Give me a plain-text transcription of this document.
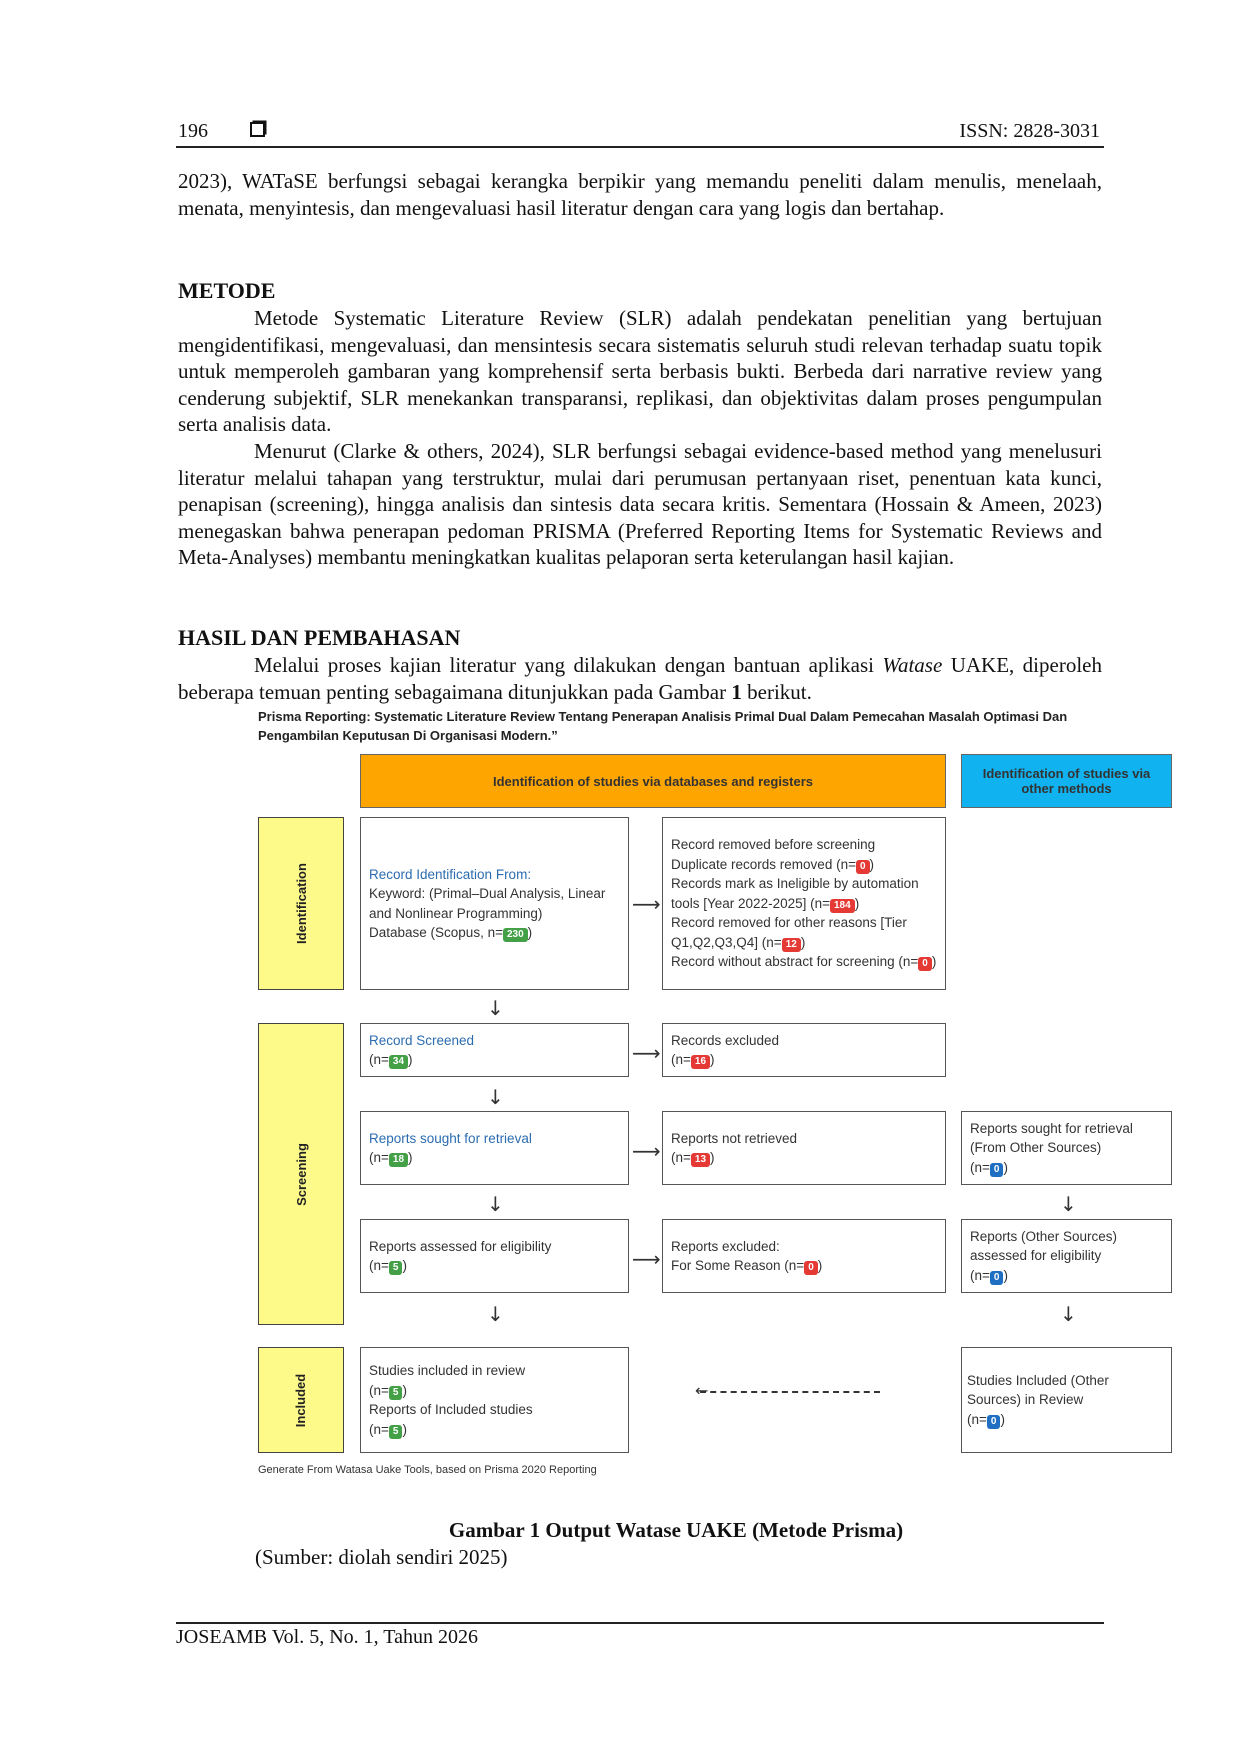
196	ISSN: 2828-3031
2023), WATaSE berfungsi sebagai kerangka berpikir yang memandu peneliti dalam menulis, menelaah, menata, menyintesis, dan mengevaluasi hasil literatur dengan cara yang logis dan bertahap.
METODE

Metode Systematic Literature Review (SLR) adalah pendekatan penelitian yang bertujuan mengidentifikasi, mengevaluasi, dan mensintesis secara sistematis seluruh studi relevan terhadap suatu topik untuk memperoleh gambaran yang komprehensif serta berbasis bukti. Berbeda dari narrative review yang cenderung subjektif, SLR menekankan transparansi, replikasi, dan objektivitas dalam proses pengumpulan serta analisis data.

Menurut (Clarke & others, 2024), SLR berfungsi sebagai evidence-based method yang menelusuri literatur melalui tahapan yang terstruktur, mulai dari perumusan pertanyaan riset, penentuan kata kunci, penapisan (screening), hingga analisis dan sintesis data secara kritis. Sementara (Hossain & Ameen, 2023) menegaskan bahwa penerapan pedoman PRISMA (Preferred Reporting Items for Systematic Reviews and Meta-Analyses) membantu meningkatkan kualitas pelaporan serta keterulangan hasil kajian.

HASIL DAN PEMBAHASAN

Melalui proses kajian literatur yang dilakukan dengan bantuan aplikasi Watase UAKE, diperoleh beberapa temuan penting sebagaimana ditunjukkan pada Gambar 1 berikut.

Prisma Reporting: Systematic Literature Review Tentang Penerapan Analisis Primal Dual Dalam Pemecahan Masalah Optimasi Dan Pengambilan Keputusan Di Organisasi Modern.”
Identification of studies via databases and registers	Identification of studies via other methods
Identification
Screening
Included
Record Identification From:
Keyword: (Primal–Dual Analysis, Linear and Nonlinear Programming)
Database (Scopus, n= 230 )
⟶
Record removed before screening
Duplicate records removed (n= 0 )
Records mark as Ineligible by automation tools [Year 2022-2025] (n= 184 )
Record removed for other reasons [Tier Q1,Q2,Q3,Q4] (n= 12 )
Record without abstract for screening (n= 0 )
↓
Record Screened
(n= 34 )	⟶
Records excluded
(n= 16 )
↓
Reports sought for retrieval
(n= 18 )	⟶
Reports not retrieved
(n= 13 )
Reports sought for retrieval (From Other Sources)
(n= 0 )
↓	↓
Reports assessed for eligibility
(n= 5 )	⟶
Reports excluded:
For Some Reason (n= 0 )
Reports (Other Sources) assessed for eligibility
(n= 0 )
↓	↓
Studies included in review
(n= 5 )
Reports of Included studies
(n= 5 )
←
Studies Included (Other Sources) in Review
(n= 0 )
Generate From Watasa Uake Tools, based on Prisma 2020 Reporting
Gambar 1 Output Watase UAKE (Metode Prisma)
(Sumber: diolah sendiri 2025)
JOSEAMB Vol. 5, No. 1, Tahun 2026
